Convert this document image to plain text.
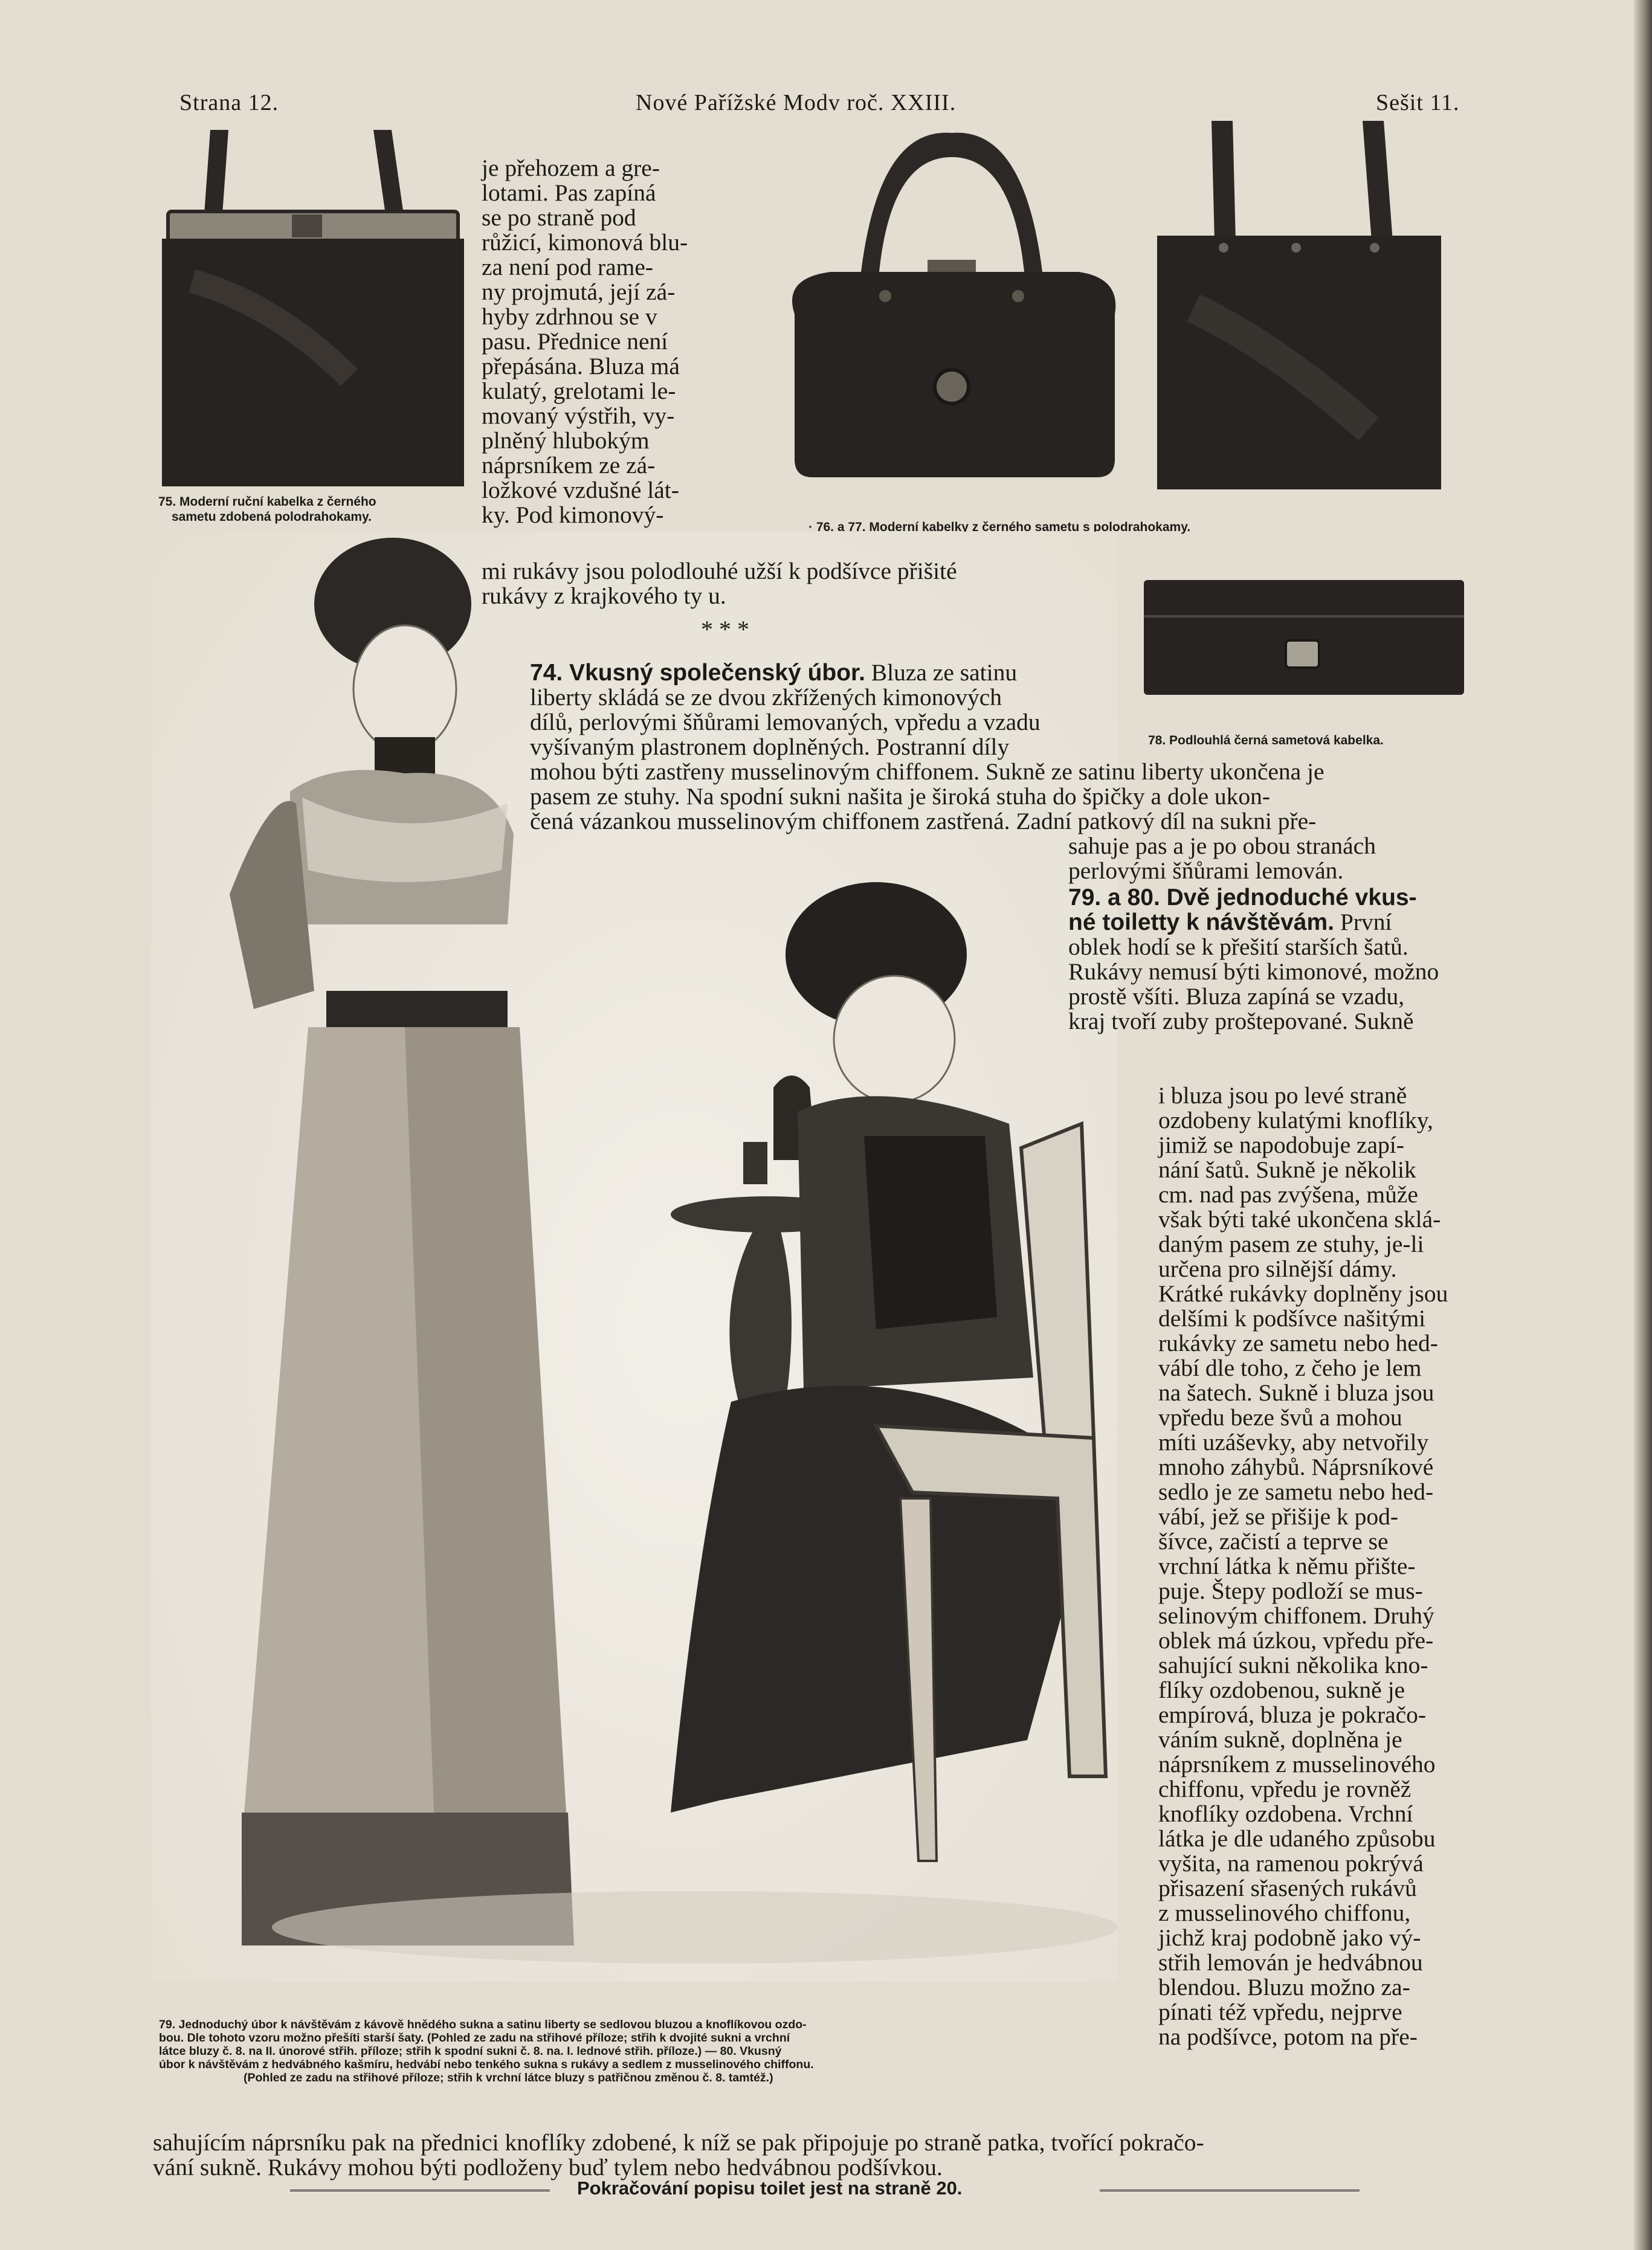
Strana 12.	Nové Pařížské Modv roč. XXIII.	Sešit 11.
75. Moderní ruční kabelka z černého
sametu zdobená polodrahokamy.
· 76. a 77. Moderní kabelky z černého sametu s polodrahokamy.
78. Podlouhlá černá sametová kabelka.
je přehozem a gre-
lotami. Pas zapíná
se po straně pod
růžicí, kimonová blu-
za není pod rame-
ny projmutá, její zá-
hyby zdrhnou se v
pasu. Přednice není
přepásána. Bluza má
kulatý, grelotami le-
movaný výstřih, vy-
plněný hlubokým
náprsníkem ze zá-
ložkové vzdušné lát-
ky. Pod kimonový-
mi rukávy jsou polodlouhé užší k podšívce přišité
rukávy z krajkového ty u.
* * *
74. Vkusný společenský úbor. Bluza ze satinu
liberty skládá se ze dvou zkřížených kimonových
dílů, perlovými šňůrami lemovaných, vpředu a vzadu
vyšívaným plastronem doplněných. Postranní díly
mohou býti zastřeny musselinovým chiffonem. Sukně ze satinu liberty ukončena je
pasem ze stuhy. Na spodní sukni našita je široká stuha do špičky a dole ukon-
čená vázankou musselinovým chiffonem zastřená. Zadní patkový díl na sukni pře-
sahuje pas a je po obou stranách
perlovými šňůrami lemován.
79. a 80. Dvě jednoduché vkus-
né toiletty k návštěvám. První
oblek hodí se k přešití starších šatů.
Rukávy nemusí býti kimonové, možno
prostě všíti. Bluza zapíná se vzadu,
kraj tvoří zuby proštepované. Sukně
i bluza jsou po levé straně
ozdobeny kulatými knoflíky,
jimiž se napodobuje zapí-
nání šatů. Sukně je několik
cm. nad pas zvýšena, může
však býti také ukončena sklá-
daným pasem ze stuhy, je-li
určena pro silnější dámy.
Krátké rukávky doplněny jsou
delšími k podšívce našitými
rukávky ze sametu nebo hed-
vábí dle toho, z čeho je lem
na šatech. Sukně i bluza jsou
vpředu beze švů a mohou
míti uzáševky, aby netvořily
mnoho záhybů. Náprsníkové
sedlo je ze sametu nebo hed-
vábí, jež se přišije k pod-
šívce, začistí a teprve se
vrchní látka k němu přište-
puje. Štepy podloží se mus-
selinovým chiffonem. Druhý
oblek má úzkou, vpředu pře-
sahující sukni několika kno-
flíky ozdobenou, sukně je
empírová, bluza je pokračo-
váním sukně, doplněna je
náprsníkem z musselinového
chiffonu, vpředu je rovněž
knoflíky ozdobena. Vrchní
látka je dle udaného způsobu
vyšita, na ramenou pokrývá
přisazení sřasených rukávů
z musselinového chiffonu,
jichž kraj podobně jako vý-
střih lemován je hedvábnou
blendou. Bluzu možno za-
pínati též vpředu, nejprve
na podšívce, potom na pře-
79. Jednoduchý úbor k návštěvám z kávově hnědého sukna a satinu liberty se sedlovou bluzou a knoflíkovou ozdo-
bou. Dle tohoto vzoru možno přešíti starší šaty. (Pohled ze zadu na střihové příloze; střih k dvojité sukni a vrchní
látce bluzy č. 8. na II. únorové střih. příloze; střih k spodní sukni č. 8. na. I. lednové střih. příloze.) — 80. Vkusný
úbor k návštěvám z hedvábného kašmíru, hedvábí nebo tenkého sukna s rukávy a sedlem z musselinového chiffonu.
(Pohled ze zadu na střihové příloze; střih k vrchní látce bluzy s patřičnou změnou č. 8. tamtéž.)
sahujícím náprsníku pak na přednici knoflíky zdobené, k níž se pak připojuje po straně patka, tvořící pokračo-
vání sukně. Rukávy mohou býti podloženy buď tylem nebo hedvábnou podšívkou.
Pokračování popisu toilet jest na straně 20.
